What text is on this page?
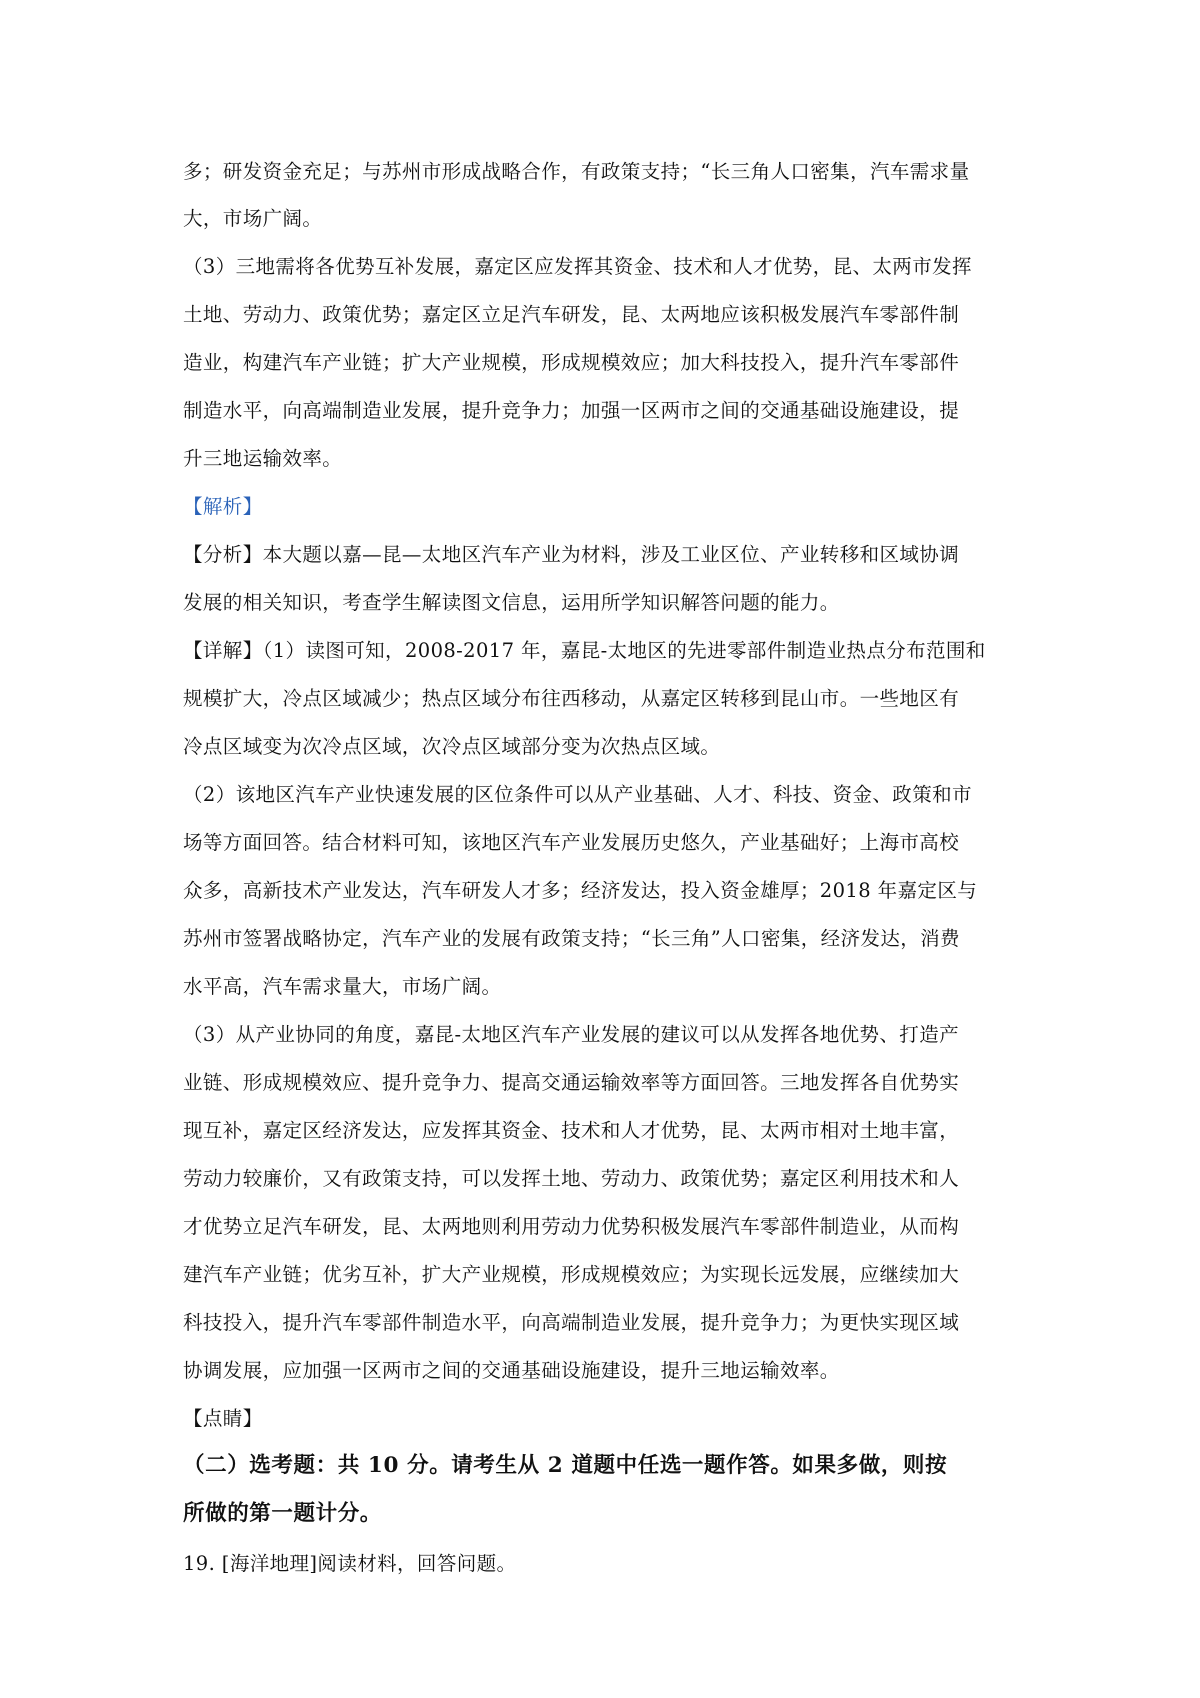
多；研发资金充足；与苏州市形成战略合作，有政策支持；“长三角人口密集，汽车需求量
大，市场广阔。
（3）三地需将各优势互补发展，嘉定区应发挥其资金、技术和人才优势，昆、太两市发挥
土地、劳动力、政策优势；嘉定区立足汽车研发，昆、太两地应该积极发展汽车零部件制
造业，构建汽车产业链；扩大产业规模，形成规模效应；加大科技投入，提升汽车零部件
制造水平，向高端制造业发展，提升竞争力；加强一区两市之间的交通基础设施建设，提
升三地运输效率。
【解析】
【分析】本大题以嘉—昆—太地区汽车产业为材料，涉及工业区位、产业转移和区域协调
发展的相关知识，考查学生解读图文信息，运用所学知识解答问题的能力。
【详解】（1）读图可知，2008-2017 年，嘉昆-太地区的先进零部件制造业热点分布范围和
规模扩大，冷点区域减少；热点区域分布往西移动，从嘉定区转移到昆山市。一些地区有
冷点区域变为次冷点区域，次冷点区域部分变为次热点区域。
（2）该地区汽车产业快速发展的区位条件可以从产业基础、人才、科技、资金、政策和市
场等方面回答。结合材料可知，该地区汽车产业发展历史悠久，产业基础好；上海市高校
众多，高新技术产业发达，汽车研发人才多；经济发达，投入资金雄厚；2018 年嘉定区与
苏州市签署战略协定，汽车产业的发展有政策支持；“长三角”人口密集，经济发达，消费
水平高，汽车需求量大，市场广阔。
（3）从产业协同的角度，嘉昆-太地区汽车产业发展的建议可以从发挥各地优势、打造产
业链、形成规模效应、提升竞争力、提高交通运输效率等方面回答。三地发挥各自优势实
现互补，嘉定区经济发达，应发挥其资金、技术和人才优势，昆、太两市相对土地丰富，
劳动力较廉价，又有政策支持，可以发挥土地、劳动力、政策优势；嘉定区利用技术和人
才优势立足汽车研发，昆、太两地则利用劳动力优势积极发展汽车零部件制造业，从而构
建汽车产业链；优劣互补，扩大产业规模，形成规模效应；为实现长远发展，应继续加大
科技投入，提升汽车零部件制造水平，向高端制造业发展，提升竞争力；为更快实现区域
协调发展，应加强一区两市之间的交通基础设施建设，提升三地运输效率。
【点睛】
（二）选考题：共 10 分。请考生从 2 道题中任选一题作答。如果多做，则按
所做的第一题计分。
19. [海洋地理]阅读材料，回答问题。
